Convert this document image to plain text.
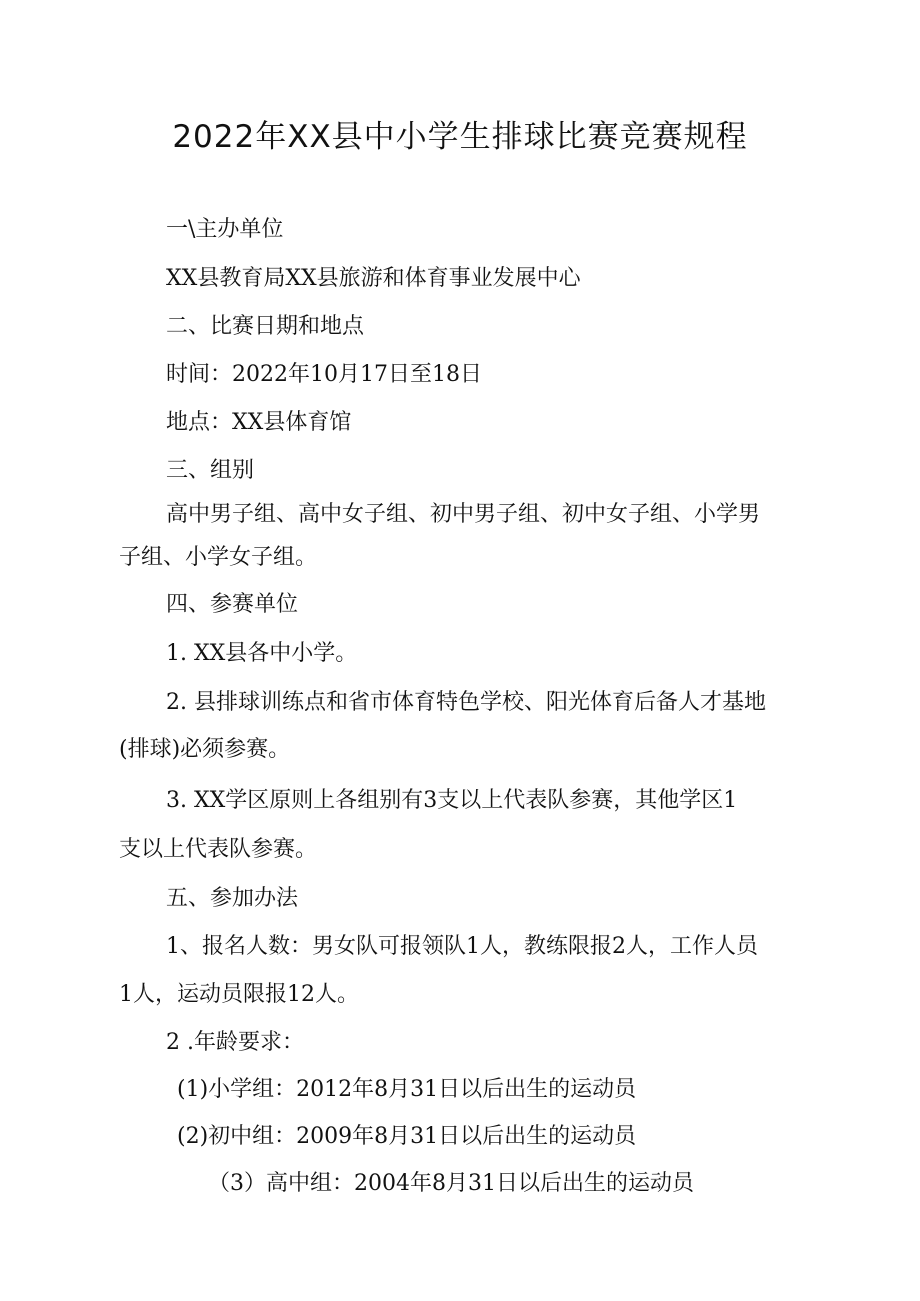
2022年XX县中小学生排球比赛竞赛规程

一\主办单位

XX县教育局XX县旅游和体育事业发展中心

二、比赛日期和地点

时间：2022年10月17日至18日

地点：XX县体育馆

三、组别

高中男子组、高中女子组、初中男子组、初中女子组、小学男

子组、小学女子组。

四、参赛单位

1. XX县各中小学。

2. 县排球训练点和省市体育特色学校、阳光体育后备人才基地

(排球)必须参赛。

3. XX学区原则上各组别有3支以上代表队参赛，其他学区1

支以上代表队参赛。

五、参加办法

1、报名人数：男女队可报领队1人，教练限报2人，工作人员

1人，运动员限报12人。

2 .年龄要求：

(1)小学组：2012年8月31日以后出生的运动员

(2)初中组：2009年8月31日以后出生的运动员

（3）高中组：2004年8月31日以后出生的运动员
